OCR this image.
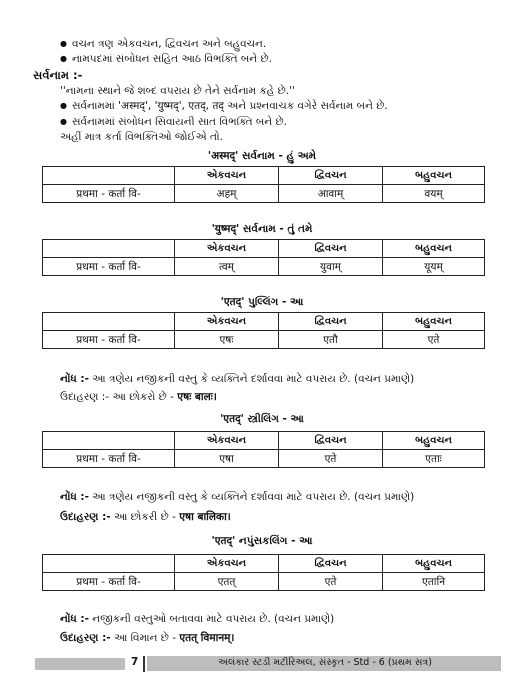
● વચન ત્રણ એકવચન, દ્વિવચન અને બહુવચન.
● નામપદમાં સંબોધન સહિત આઠ વિભક્તિ બને છે.
સર્વનામ :-
''નામના સ્થાને જે શબ્દ વપરાય છે તેને સર્વનામ કહે છે.''
● સર્વનામમાં 'अस्मद्', 'युष्मद्', एतद्, तद् અને પ્રશ્નવાચક વગેરે સર્વનામ બને છે.
● સર્વનામમાં સંબોધન સિવાયની સાત વિભક્તિ બને છે.
અહીં માત્ર કર્તા વિભક્તિઓ જોઈએ તો.
'अस्मद्' સર્વનામ - હું અમે
	એકવચન	દ્વિવચન	બહુવચન
प्रथमा - कर्ता वि-	अहम्	आवाम्	वयम्
'युष्मद्' સર્વનામ - તું તમે
	એકવચન	દ્વિવચન	બહુવચન
प्रथमा - कर्ता वि-	त्वम्	युवाम्	यूयम्
'एतद्' પુલ્લિંગ - આ
	એકવચન	દ્વિવચન	બહુવચન
प्रथमा - कर्ता वि-	एषः	एतौ	एते
નોંધ :- આ ત્રણેય નજીકની વસ્તુ કે વ્યક્તિને દર્શાવવા માટે વપરાય છે. (વચન પ્રમાણે)
ઉદાહરણ :- આ છોકરો છે - एषः बालः।
'एतद्' સ્ત્રીલિંગ - આ
	એકવચન	દ્વિવચન	બહુવચન
प्रथमा - कर्ता वि-	एषा	एते	एताः
નોંધ :- આ ત્રણેય નજીકની વસ્તુ કે વ્યક્તિને દર્શાવવા માટે વપરાય છે. (વચન પ્રમાણે)
ઉદાહરણ :- આ છોકરી છે - एषा बालिका।
'एतद्' નપુંસકલિંગ - આ
	એકવચન	દ્વિવચન	બહુવચન
प्रथमा - कर्ता वि-	एतत्	एते	एतानि
નોંધ :- નજીકની વસ્તુઓ બતાવવા માટે વપરાય છે. (વચન પ્રમાણે)
ઉદાહરણ :- આ વિમાન છે - एतत् विमानम्।
7	અલંકાર સ્ટડી મટીરિઅલ, સંસ્કૃત - Std - 6 (પ્રથમ સત્ર)
